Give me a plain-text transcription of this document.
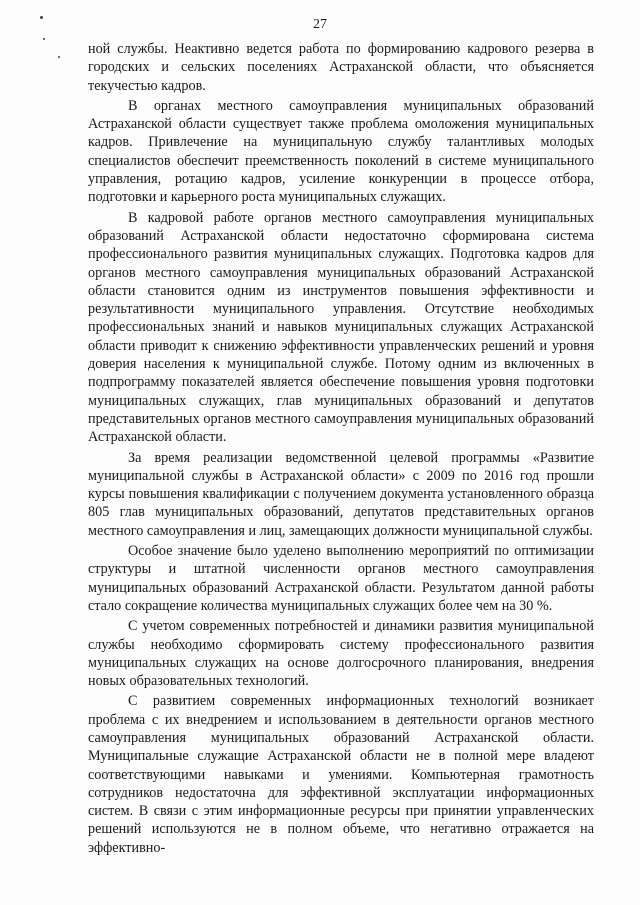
27

ной службы. Неактивно ведется работа по формированию кадрового резерва в городских и сельских поселениях Астраханской области, что объясняется текучестью кадров.

В органах местного самоуправления муниципальных образований Астраханской области существует также проблема омоложения муниципальных кадров. Привлечение на муниципальную службу талантливых молодых специалистов обеспечит преемственность поколений в системе муниципального управления, ротацию кадров, усиление конкуренции в процессе отбора, подготовки и карьерного роста муниципальных служащих.

В кадровой работе органов местного самоуправления муниципальных образований Астраханской области недостаточно сформирована система профессионального развития муниципальных служащих. Подготовка кадров для органов местного самоуправления муниципальных образований Астраханской области становится одним из инструментов повышения эффективности и результативности муниципального управления. Отсутствие необходимых профессиональных знаний и навыков муниципальных служащих Астраханской области приводит к снижению эффективности управленческих решений и уровня доверия населения к муниципальной службе. Потому одним из включенных в подпрограмму показателей является обеспечение повышения уровня подготовки муниципальных служащих, глав муниципальных образований и депутатов представительных органов местного самоуправления муниципальных образований Астраханской области.

За время реализации ведомственной целевой программы «Развитие муниципальной службы в Астраханской области» с 2009 по 2016 год прошли курсы повышения квалификации с получением документа установленного образца 805 глав муниципальных образований, депутатов представительных органов местного самоуправления и лиц, замещающих должности муниципальной службы.

Особое значение было уделено выполнению мероприятий по оптимизации структуры и штатной численности органов местного самоуправления муниципальных образований Астраханской области. Результатом данной работы стало сокращение количества муниципальных служащих более чем на 30 %.

С учетом современных потребностей и динамики развития муниципальной службы необходимо сформировать систему профессионального развития муниципальных служащих на основе долгосрочного планирования, внедрения новых образовательных технологий.

С развитием современных информационных технологий возникает проблема с их внедрением и использованием в деятельности органов местного самоуправления муниципальных образований Астраханской области. Муниципальные служащие Астраханской области не в полной мере владеют соответствующими навыками и умениями. Компьютерная грамотность сотрудников недостаточна для эффективной эксплуатации информационных систем. В связи с этим информационные ресурсы при принятии управленческих решений используются не в полном объеме, что негативно отражается на эффективно-
